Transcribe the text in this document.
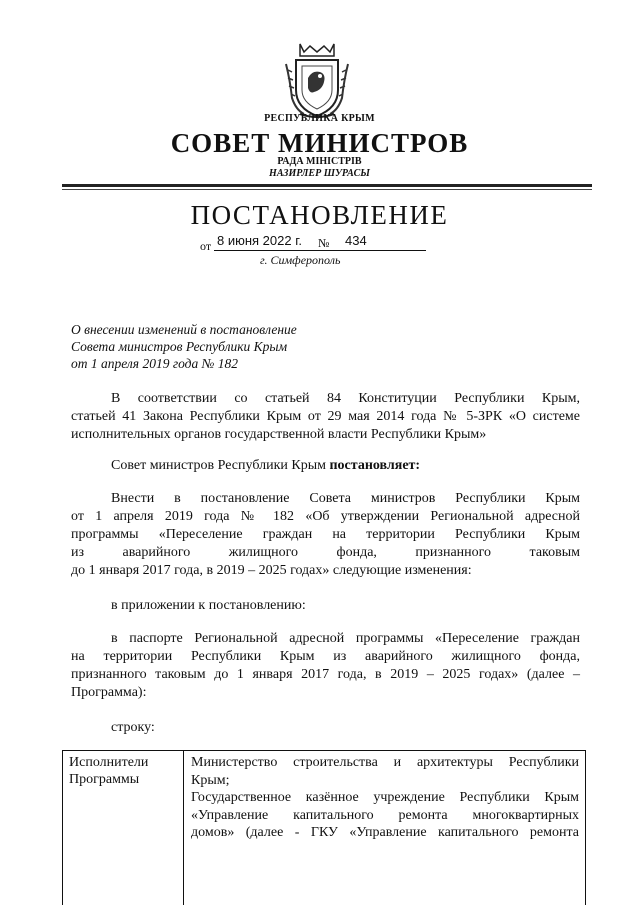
РЕСПУБЛИКА КРЫМ
СОВЕТ МИНИСТРОВ
РАДА МІНІСТРІВ
НАЗИРЛЕР ШУРАСЫ
ПОСТАНОВЛЕНИЕ
от 8 июня 2022 г. № 434
г. Симферополь
О внесении изменений в постановление
Совета министров Республики Крым
от 1 апреля 2019 года № 182
В соответствии со статьей 84 Конституции Республики Крым,
статьей 41 Закона Республики Крым от 29 мая 2014 года № 5-ЗРК «О системе
исполнительных органов государственной власти Республики Крым»
Совет министров Республики Крым постановляет:
Внести в постановление Совета министров Республики Крым
от 1 апреля 2019 года № 182 «Об утверждении Региональной адресной
программы «Переселение граждан на территории Республики Крым
из аварийного жилищного фонда, признанного таковым
до 1 января 2017 года, в 2019 – 2025 годах» следующие изменения:
в приложении к постановлению:
в паспорте Региональной адресной программы «Переселение граждан
на территории Республики Крым из аварийного жилищного фонда,
признанного таковым до 1 января 2017 года, в 2019 – 2025 годах» (далее –
Программа):
строку:
Исполнители
Программы
Министерство строительства и архитектуры Республики
Крым;
Государственное казённое учреждение Республики Крым
«Управление капитального ремонта многоквартирных
домов» (далее - ГКУ «Управление капитального ремонта
